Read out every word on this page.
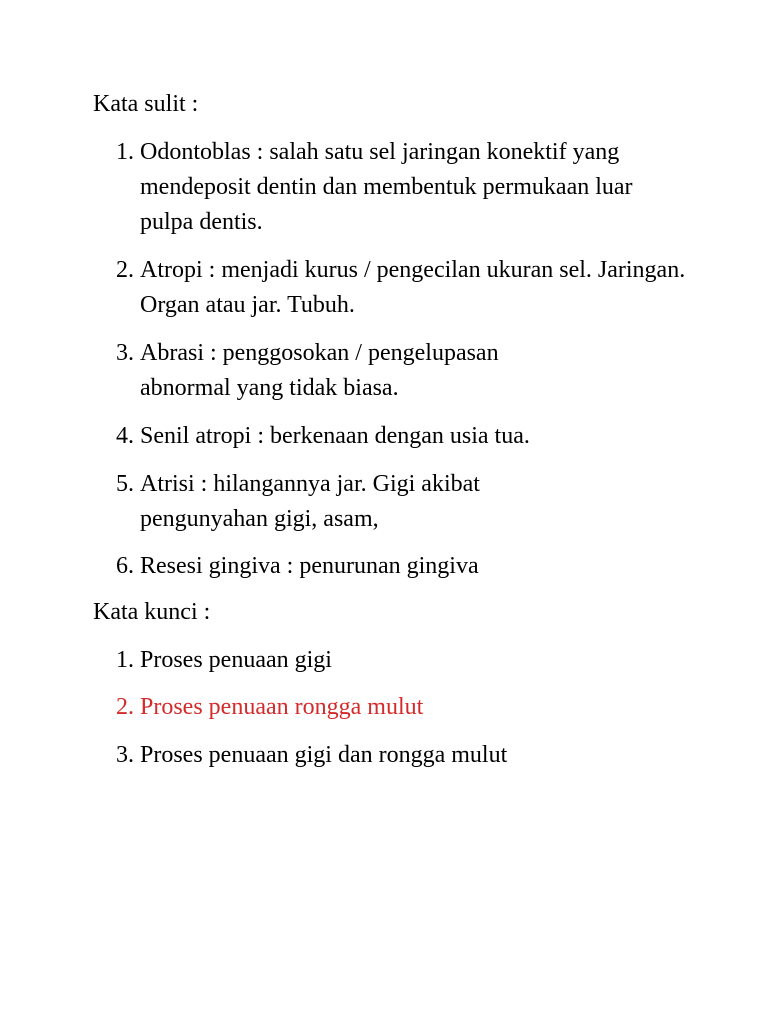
Kata sulit :
1. Odontoblas : salah satu sel jaringan konektif yang mendeposit dentin dan membentuk permukaan luar pulpa dentis.
2. Atropi : menjadi kurus / pengecilan ukuran sel. Jaringan. Organ atau jar. Tubuh.
3. Abrasi : penggosokan / pengelupasan abnormal yang tidak biasa.
4. Senil atropi : berkenaan dengan usia tua.
5. Atrisi : hilangannya jar. Gigi akibat pengunyahan gigi, asam,
6. Resesi gingiva : penurunan gingiva
Kata kunci :
1. Proses penuaan gigi
2. Proses penuaan rongga mulut
3. Proses penuaan gigi dan rongga mulut
